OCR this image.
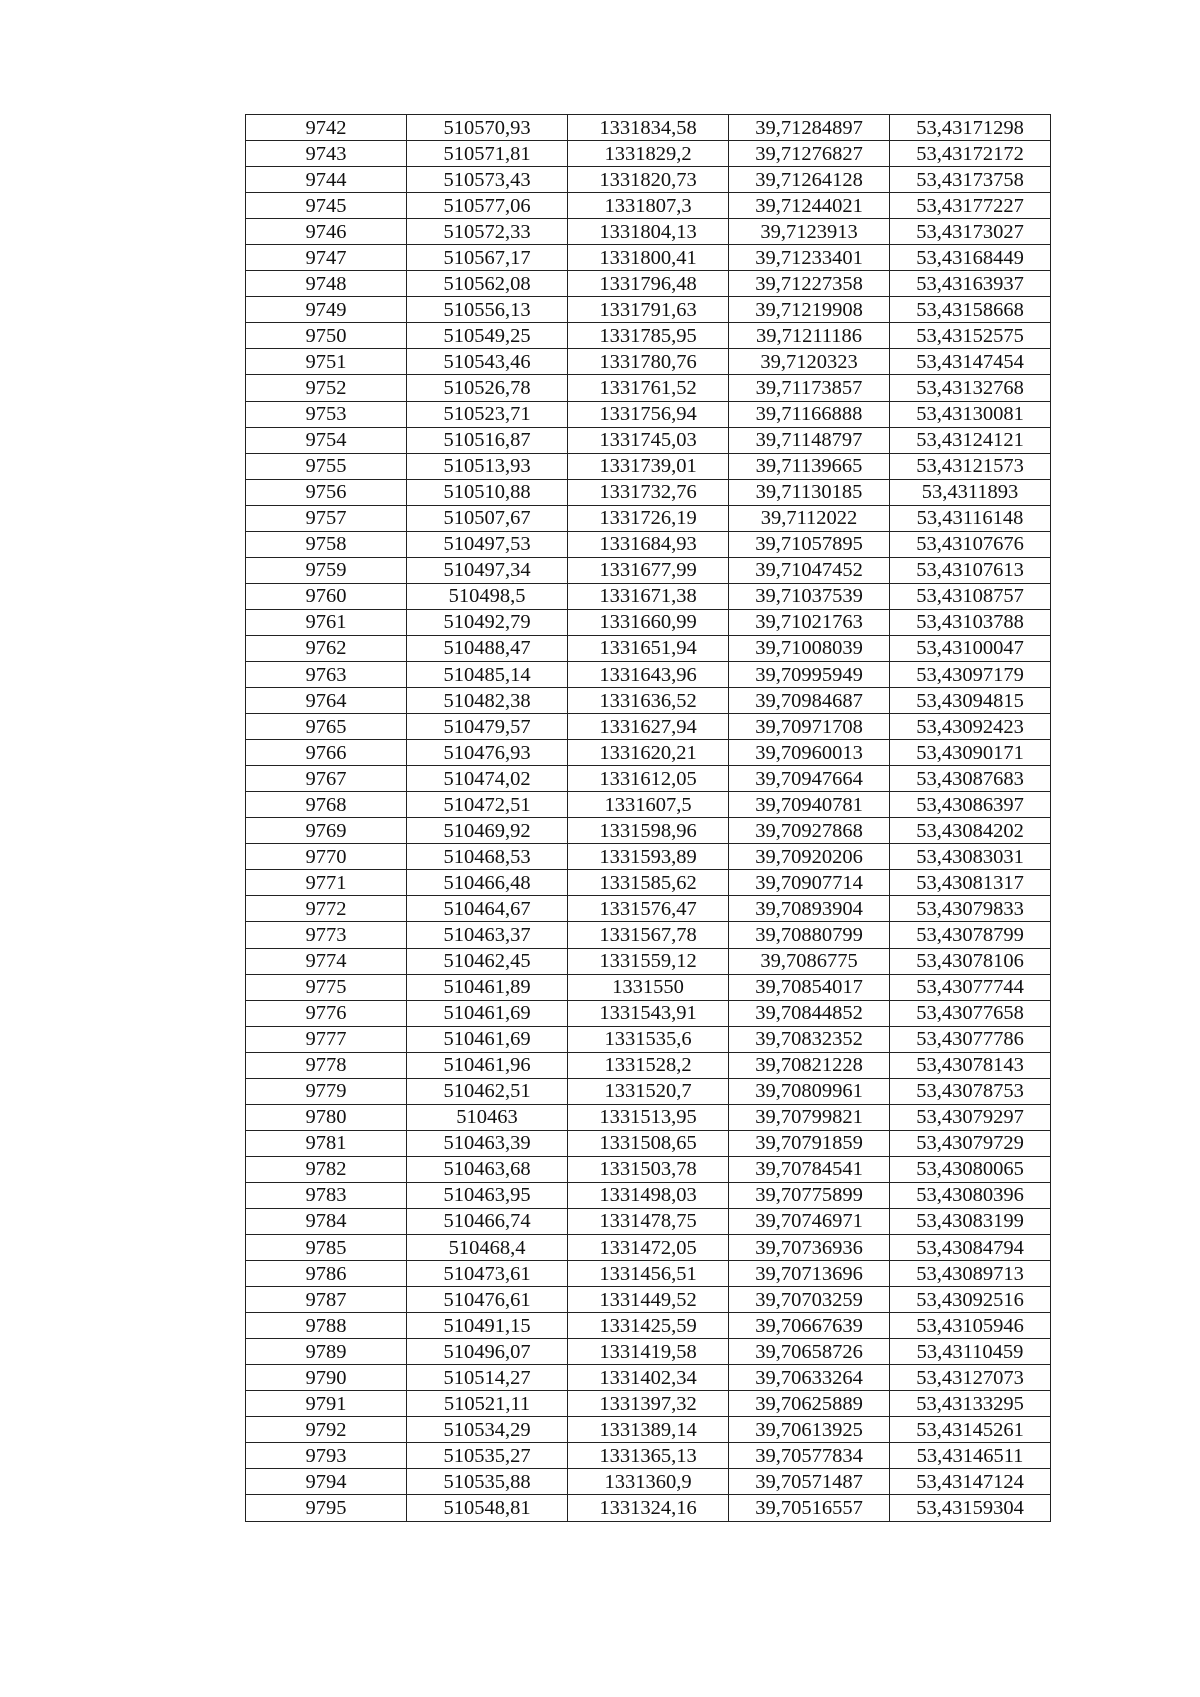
9742	510570,93	1331834,58	39,71284897	53,43171298
9743	510571,81	1331829,2	39,71276827	53,43172172
9744	510573,43	1331820,73	39,71264128	53,43173758
9745	510577,06	1331807,3	39,71244021	53,43177227
9746	510572,33	1331804,13	39,7123913	53,43173027
9747	510567,17	1331800,41	39,71233401	53,43168449
9748	510562,08	1331796,48	39,71227358	53,43163937
9749	510556,13	1331791,63	39,71219908	53,43158668
9750	510549,25	1331785,95	39,71211186	53,43152575
9751	510543,46	1331780,76	39,7120323	53,43147454
9752	510526,78	1331761,52	39,71173857	53,43132768
9753	510523,71	1331756,94	39,71166888	53,43130081
9754	510516,87	1331745,03	39,71148797	53,43124121
9755	510513,93	1331739,01	39,71139665	53,43121573
9756	510510,88	1331732,76	39,71130185	53,4311893
9757	510507,67	1331726,19	39,7112022	53,43116148
9758	510497,53	1331684,93	39,71057895	53,43107676
9759	510497,34	1331677,99	39,71047452	53,43107613
9760	510498,5	1331671,38	39,71037539	53,43108757
9761	510492,79	1331660,99	39,71021763	53,43103788
9762	510488,47	1331651,94	39,71008039	53,43100047
9763	510485,14	1331643,96	39,70995949	53,43097179
9764	510482,38	1331636,52	39,70984687	53,43094815
9765	510479,57	1331627,94	39,70971708	53,43092423
9766	510476,93	1331620,21	39,70960013	53,43090171
9767	510474,02	1331612,05	39,70947664	53,43087683
9768	510472,51	1331607,5	39,70940781	53,43086397
9769	510469,92	1331598,96	39,70927868	53,43084202
9770	510468,53	1331593,89	39,70920206	53,43083031
9771	510466,48	1331585,62	39,70907714	53,43081317
9772	510464,67	1331576,47	39,70893904	53,43079833
9773	510463,37	1331567,78	39,70880799	53,43078799
9774	510462,45	1331559,12	39,7086775	53,43078106
9775	510461,89	1331550	39,70854017	53,43077744
9776	510461,69	1331543,91	39,70844852	53,43077658
9777	510461,69	1331535,6	39,70832352	53,43077786
9778	510461,96	1331528,2	39,70821228	53,43078143
9779	510462,51	1331520,7	39,70809961	53,43078753
9780	510463	1331513,95	39,70799821	53,43079297
9781	510463,39	1331508,65	39,70791859	53,43079729
9782	510463,68	1331503,78	39,70784541	53,43080065
9783	510463,95	1331498,03	39,70775899	53,43080396
9784	510466,74	1331478,75	39,70746971	53,43083199
9785	510468,4	1331472,05	39,70736936	53,43084794
9786	510473,61	1331456,51	39,70713696	53,43089713
9787	510476,61	1331449,52	39,70703259	53,43092516
9788	510491,15	1331425,59	39,70667639	53,43105946
9789	510496,07	1331419,58	39,70658726	53,43110459
9790	510514,27	1331402,34	39,70633264	53,43127073
9791	510521,11	1331397,32	39,70625889	53,43133295
9792	510534,29	1331389,14	39,70613925	53,43145261
9793	510535,27	1331365,13	39,70577834	53,43146511
9794	510535,88	1331360,9	39,70571487	53,43147124
9795	510548,81	1331324,16	39,70516557	53,43159304
